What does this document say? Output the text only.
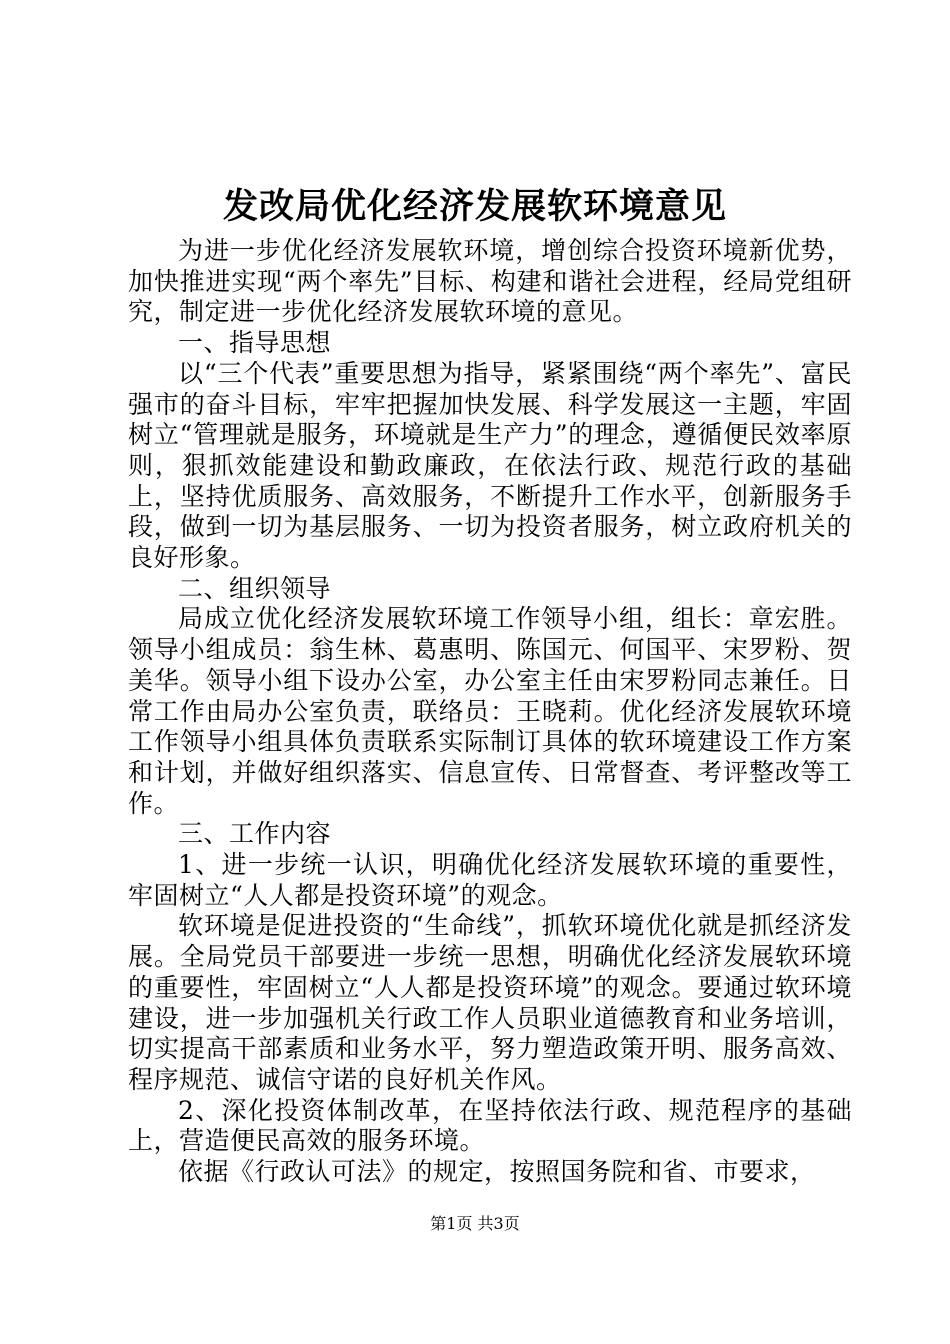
发改局优化经济发展软环境意见

为进一步优化经济发展软环境，增创综合投资环境新优势，加快推进实现“两个率先”目标、构建和谐社会进程，经局党组研究，制定进一步优化经济发展软环境的意见。

一、指导思想

以“三个代表”重要思想为指导，紧紧围绕“两个率先”、富民强市的奋斗目标，牢牢把握加快发展、科学发展这一主题，牢固树立“管理就是服务，环境就是生产力”的理念，遵循便民效率原则，狠抓效能建设和勤政廉政，在依法行政、规范行政的基础上，坚持优质服务、高效服务，不断提升工作水平，创新服务手段，做到一切为基层服务、一切为投资者服务，树立政府机关的良好形象。

二、组织领导

局成立优化经济发展软环境工作领导小组，组长：章宏胜。领导小组成员：翁生林、葛惠明、陈国元、何国平、宋罗粉、贺美华。领导小组下设办公室，办公室主任由宋罗粉同志兼任。日常工作由局办公室负责，联络员：王晓莉。优化经济发展软环境工作领导小组具体负责联系实际制订具体的软环境建设工作方案和计划，并做好组织落实、信息宣传、日常督查、考评整改等工作。

三、工作内容

1、进一步统一认识，明确优化经济发展软环境的重要性，牢固树立“人人都是投资环境”的观念。

软环境是促进投资的“生命线”，抓软环境优化就是抓经济发展。全局党员干部要进一步统一思想，明确优化经济发展软环境的重要性，牢固树立“人人都是投资环境”的观念。要通过软环境建设，进一步加强机关行政工作人员职业道德教育和业务培训，切实提高干部素质和业务水平，努力塑造政策开明、服务高效、程序规范、诚信守诺的良好机关作风。

2、深化投资体制改革，在坚持依法行政、规范程序的基础上，营造便民高效的服务环境。

依据《行政认可法》的规定，按照国务院和省、市要求，

第1页 共3页
